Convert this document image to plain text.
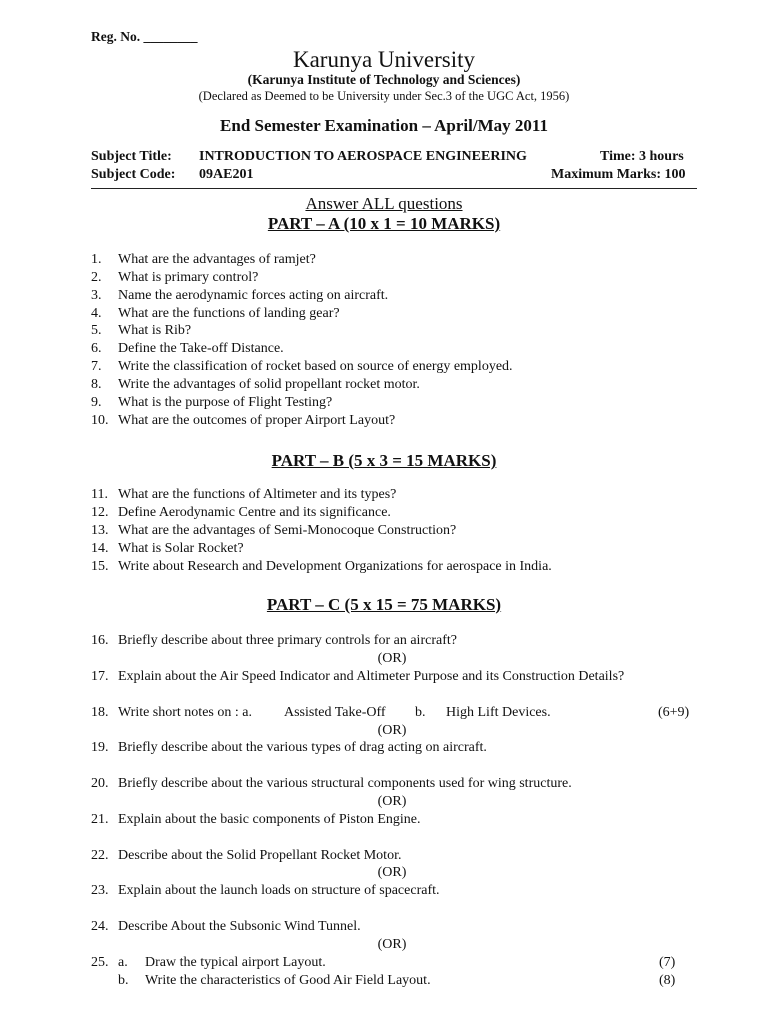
Reg. No. ________
Karunya University
(Karunya Institute of Technology and Sciences)
(Declared as Deemed to be University under Sec.3 of the UGC Act, 1956)
End Semester Examination – April/May 2011
Subject Title: INTRODUCTION TO AEROSPACE ENGINEERING	Time: 3 hours
Subject Code: 09AE201	Maximum Marks: 100
Answer ALL questions
PART – A (10 x 1 = 10 MARKS)
1. What are the advantages of ramjet?
2. What is primary control?
3. Name the aerodynamic forces acting on aircraft.
4. What are the functions of landing gear?
5. What is Rib?
6. Define the Take-off Distance.
7. Write the classification of rocket based on source of energy employed.
8. Write the advantages of solid propellant rocket motor.
9. What is the purpose of Flight Testing?
10. What are the outcomes of proper Airport Layout?
PART – B (5 x 3 = 15 MARKS)
11. What are the functions of Altimeter and its types?
12. Define Aerodynamic Centre and its significance.
13. What are the advantages of Semi-Monocoque Construction?
14. What is Solar Rocket?
15. Write about Research and Development Organizations for aerospace in India.
PART – C (5 x 15 = 75 MARKS)
16. Briefly describe about three primary controls for an aircraft?
(OR)
17. Explain about the Air Speed Indicator and Altimeter Purpose and its Construction Details?
18. Write short notes on : a. Assisted Take-Off b. High Lift Devices.	(6+9)
(OR)
19. Briefly describe about the various types of drag acting on aircraft.
20. Briefly describe about the various structural components used for wing structure.
(OR)
21. Explain about the basic components of Piston Engine.
22. Describe about the Solid Propellant Rocket Motor.
(OR)
23. Explain about the launch loads on structure of spacecraft.
24. Describe About the Subsonic Wind Tunnel.
(OR)
25. a. Draw the typical airport Layout.	(7)
b. Write the characteristics of Good Air Field Layout.	(8)
